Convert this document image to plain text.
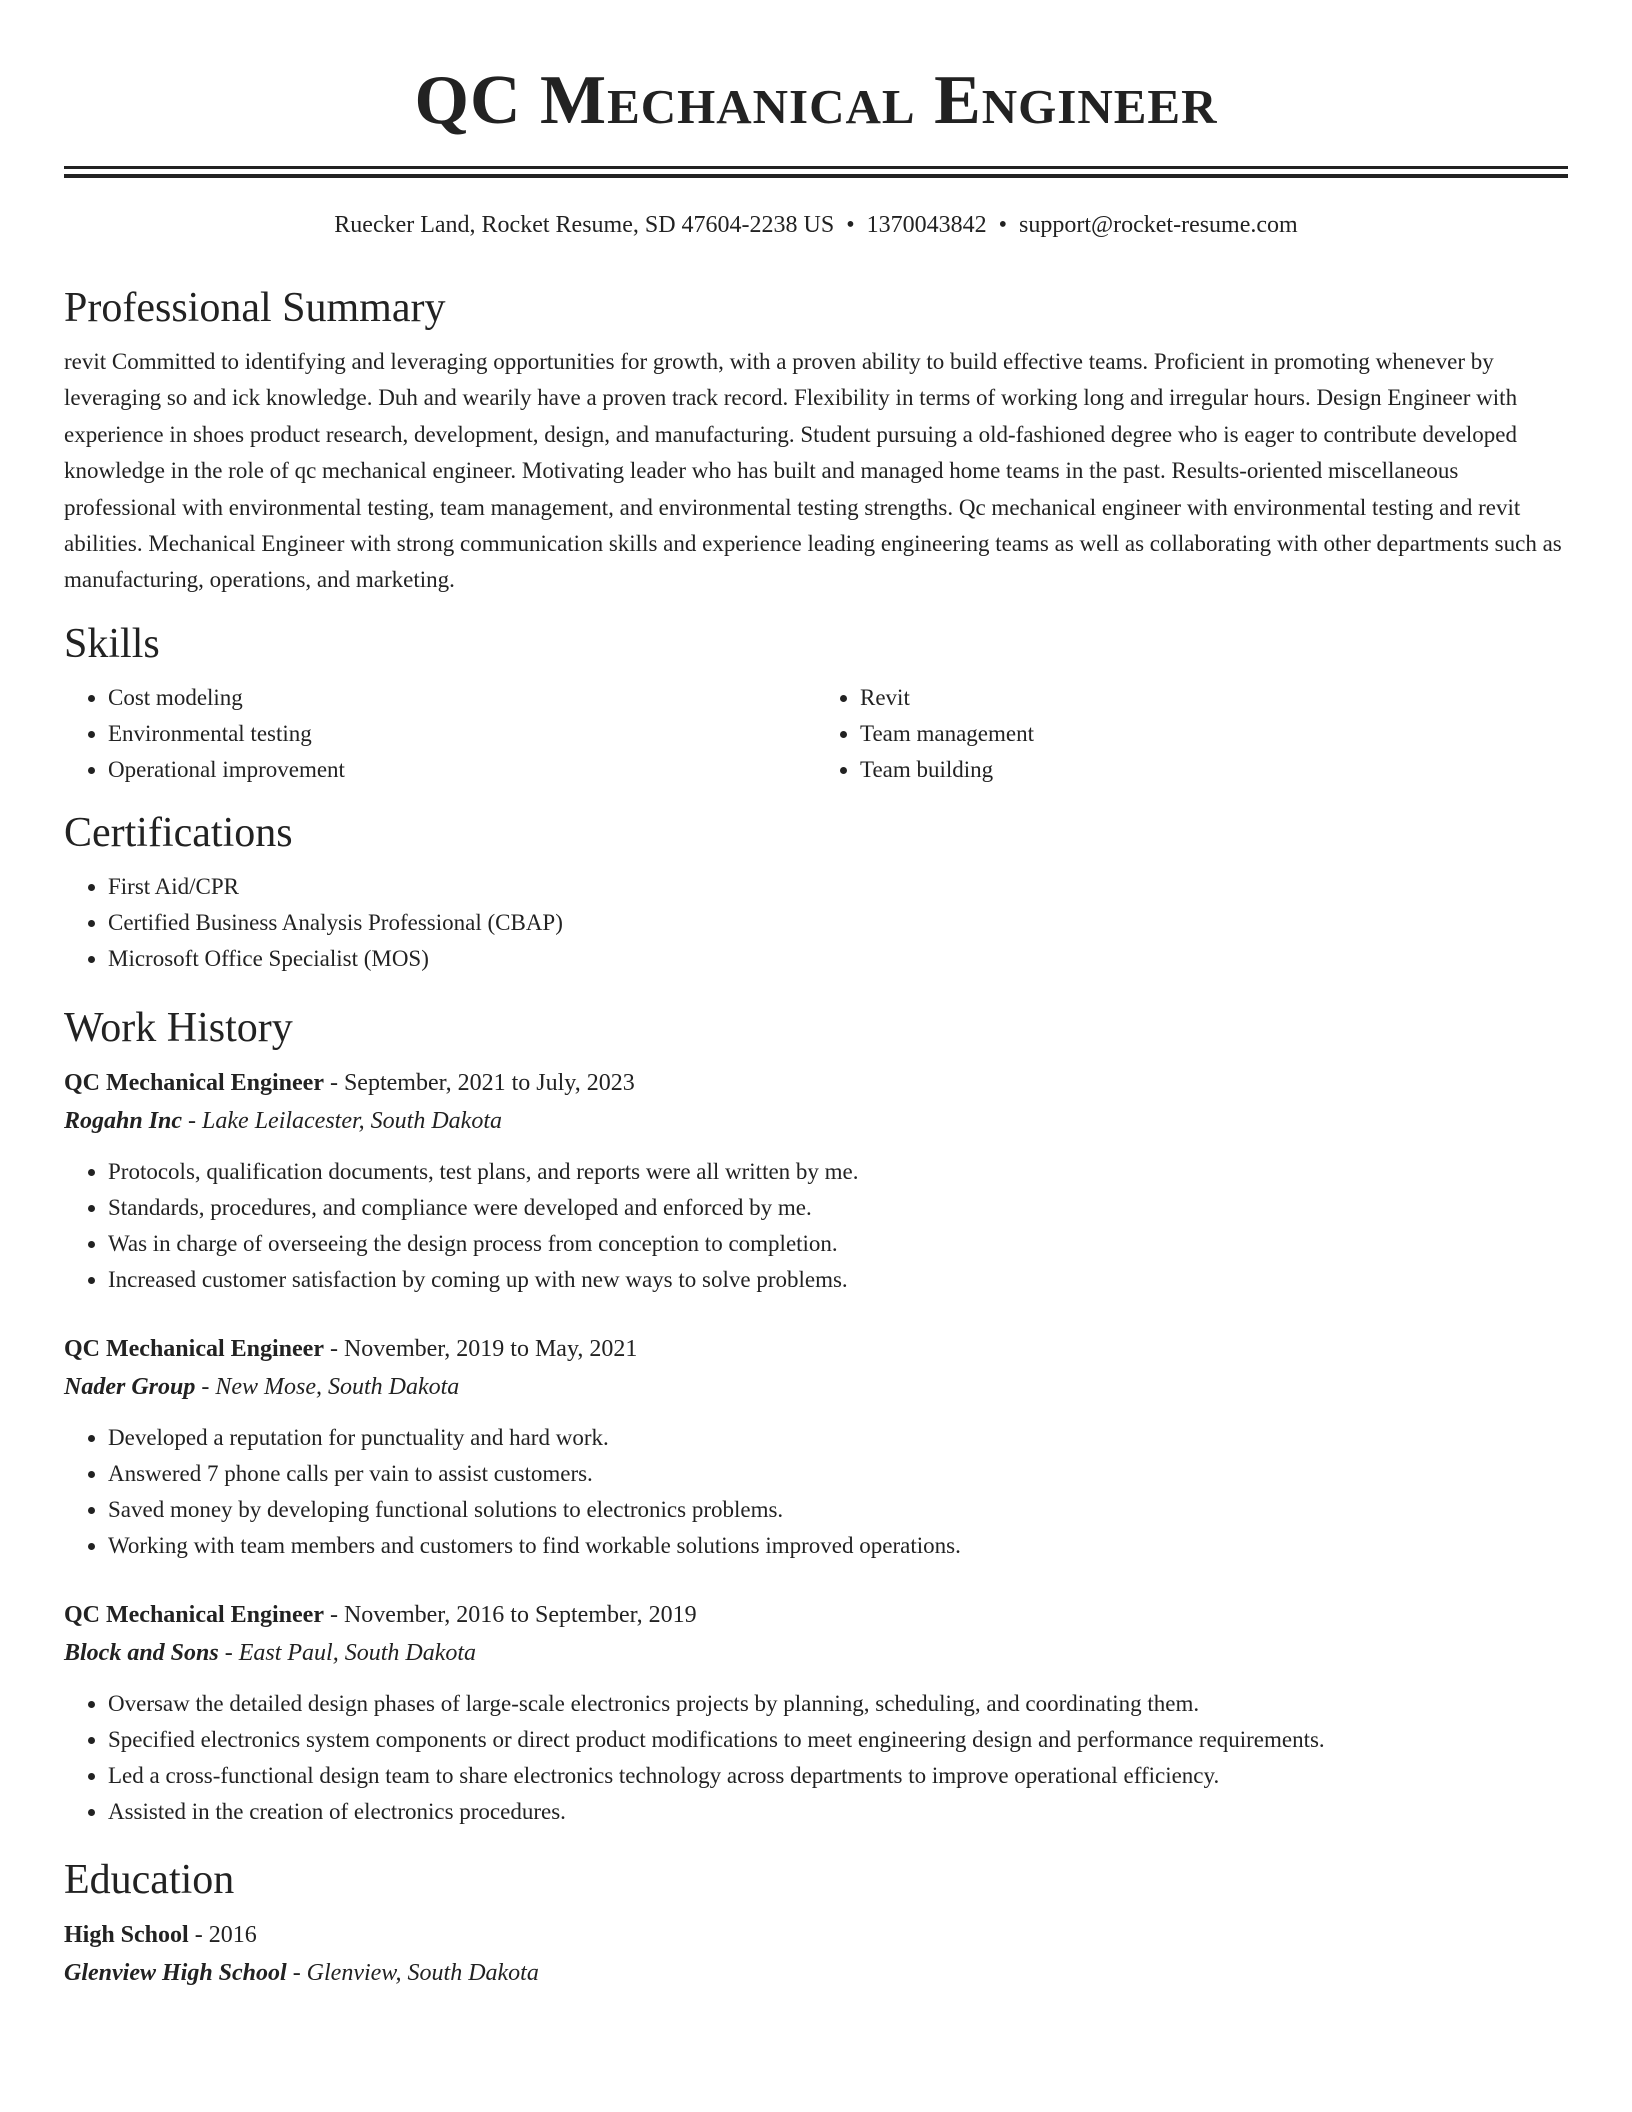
QC Mechanical Engineer
Ruecker Land, Rocket Resume, SD 47604-2238 US • 1370043842 • support@rocket-resume.com
Professional Summary

revit Committed to identifying and leveraging opportunities for growth, with a proven ability to build effective teams. Proficient in promoting whenever by leveraging so and ick knowledge. Duh and wearily have a proven track record. Flexibility in terms of working long and irregular hours. Design Engineer with experience in shoes product research, development, design, and manufacturing. Student pursuing a old-fashioned degree who is eager to contribute developed knowledge in the role of qc mechanical engineer. Motivating leader who has built and managed home teams in the past. Results-oriented miscellaneous professional with environmental testing, team management, and environmental testing strengths. Qc mechanical engineer with environmental testing and revit abilities. Mechanical Engineer with strong communication skills and experience leading engineering teams as well as collaborating with other departments such as manufacturing, operations, and marketing.

Skills
• Cost modeling
• Environmental testing
• Operational improvement
• Revit
• Team management
• Team building
Certifications
• First Aid/CPR
• Certified Business Analysis Professional (CBAP)
• Microsoft Office Specialist (MOS)
Work History
QC Mechanical Engineer - September, 2021 to July, 2023
Rogahn Inc - Lake Leilacester, South Dakota
• Protocols, qualification documents, test plans, and reports were all written by me.
• Standards, procedures, and compliance were developed and enforced by me.
• Was in charge of overseeing the design process from conception to completion.
• Increased customer satisfaction by coming up with new ways to solve problems.
QC Mechanical Engineer - November, 2019 to May, 2021
Nader Group - New Mose, South Dakota
• Developed a reputation for punctuality and hard work.
• Answered 7 phone calls per vain to assist customers.
• Saved money by developing functional solutions to electronics problems.
• Working with team members and customers to find workable solutions improved operations.
QC Mechanical Engineer - November, 2016 to September, 2019
Block and Sons - East Paul, South Dakota
• Oversaw the detailed design phases of large-scale electronics projects by planning, scheduling, and coordinating them.
• Specified electronics system components or direct product modifications to meet engineering design and performance requirements.
• Led a cross-functional design team to share electronics technology across departments to improve operational efficiency.
• Assisted in the creation of electronics procedures.
Education
High School - 2016
Glenview High School - Glenview, South Dakota
